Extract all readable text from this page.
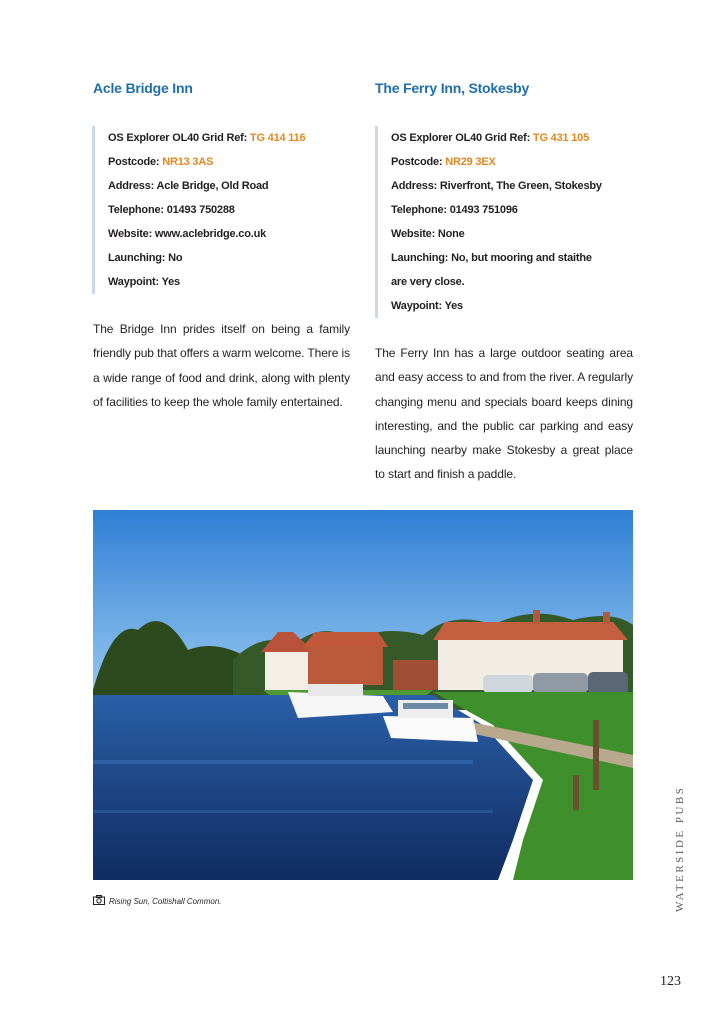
Acle Bridge Inn	The Ferry Inn, Stokesby
OS Explorer OL40 Grid Ref: TG 414 116
Postcode: NR13 3AS
Address: Acle Bridge, Old Road
Telephone: 01493 750288
Website: www.aclebridge.co.uk
Launching: No
Waypoint: Yes
OS Explorer OL40 Grid Ref: TG 431 105
Postcode: NR29 3EX
Address: Riverfront, The Green, Stokesby
Telephone: 01493 751096
Website: None
Launching: No, but mooring and staithe
are very close.
Waypoint: Yes

The Bridge Inn prides itself on being a family friendly pub that offers a warm welcome. There is a wide range of food and drink, along with plenty of facilities to keep the whole family entertained.

The Ferry Inn has a large outdoor seating area and easy access to and from the river. A regularly changing menu and specials board keeps dining interesting, and the public car parking and easy launching nearby make Stokesby a great place to start and finish a paddle.

Rising Sun, Coltishall Common.	WATERSIDE PUBS
123
